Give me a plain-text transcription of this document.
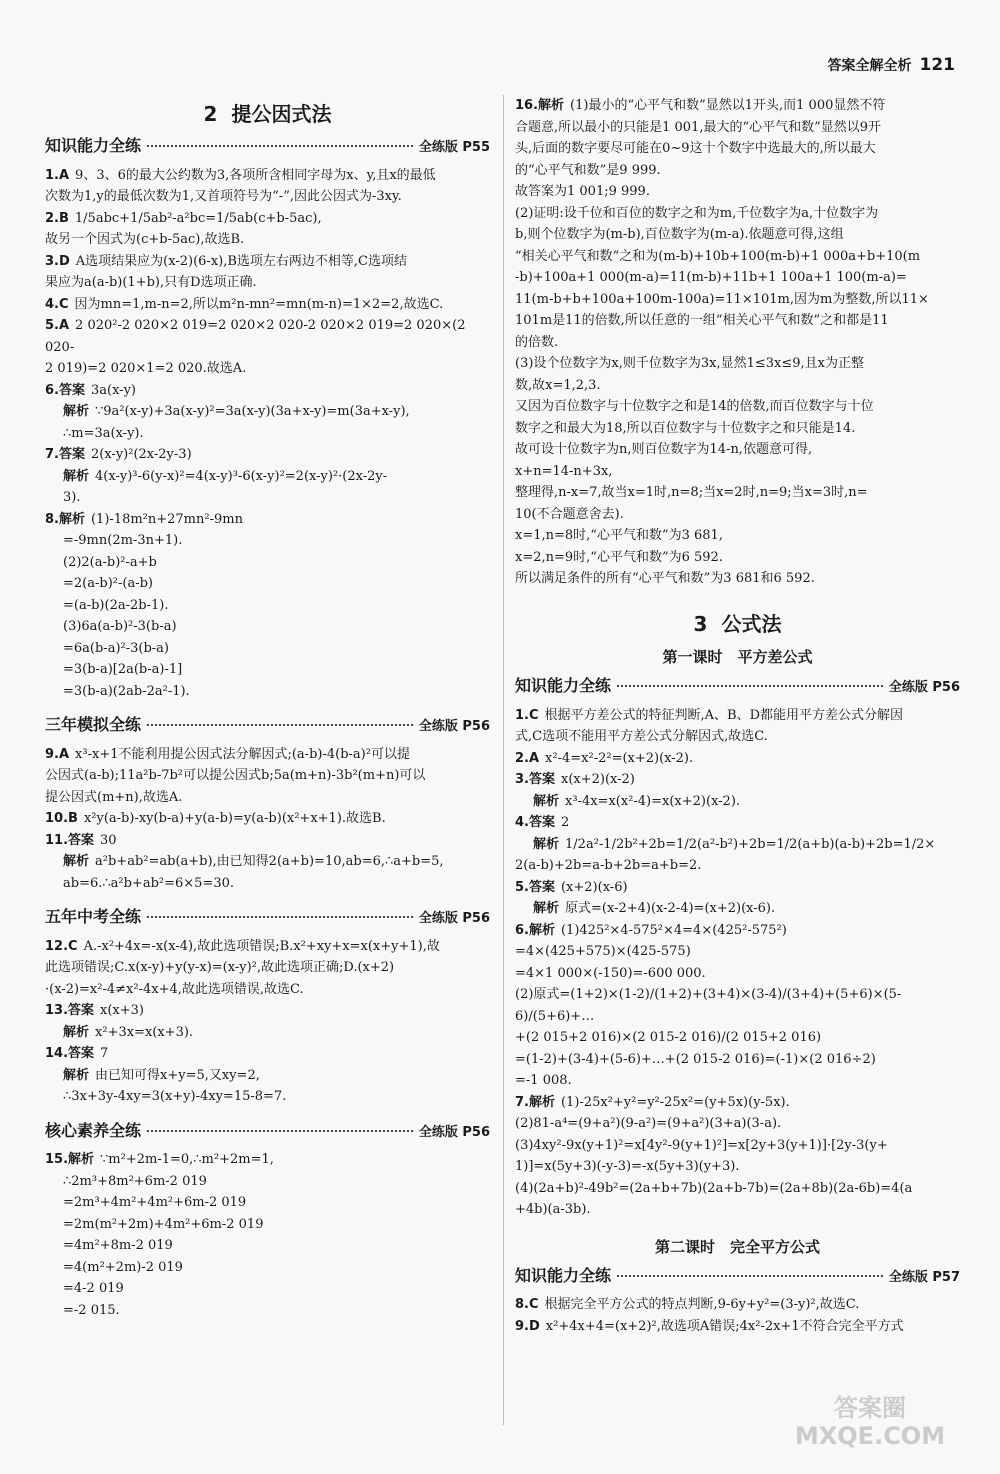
答案全解全析 121
2 提公因式法
知识能力全练	全练版 P55

1.A 9、3、6的最大公约数为3,各项所含相同字母为x、y,且x的最低

次数为1,y的最低次数为1,又首项符号为“-”,因此公因式为-3xy.

2.B 1/5abc+1/5ab²-a²bc=1/5ab(c+b-5ac),

故另一个因式为(c+b-5ac),故选B.

3.D A选项结果应为(x-2)(6-x),B选项左右两边不相等,C选项结

果应为a(a-b)(1+b),只有D选项正确.

4.C 因为mn=1,m-n=2,所以m²n-mn²=mn(m-n)=1×2=2,故选C.

5.A 2 020²-2 020×2 019=2 020×2 020-2 020×2 019=2 020×(2 020-

2 019)=2 020×1=2 020.故选A.

6.答案 3a(x-y)

解析 ∵9a²(x-y)+3a(x-y)²=3a(x-y)(3a+x-y)=m(3a+x-y),

∴m=3a(x-y).

7.答案 2(x-y)²(2x-2y-3)

解析 4(x-y)³-6(y-x)²=4(x-y)³-6(x-y)²=2(x-y)²·(2x-2y-

3).

8.解析 (1)-18m²n+27mn²-9mn

=-9mn(2m-3n+1).

(2)2(a-b)²-a+b

=2(a-b)²-(a-b)

=(a-b)(2a-2b-1).

(3)6a(a-b)²-3(b-a)

=6a(b-a)²-3(b-a)

=3(b-a)[2a(b-a)-1]

=3(b-a)(2ab-2a²-1).

三年模拟全练	全练版 P56

9.A x³-x+1不能利用提公因式法分解因式;(a-b)-4(b-a)²可以提

公因式(a-b);11a²b-7b²可以提公因式b;5a(m+n)-3b²(m+n)可以

提公因式(m+n),故选A.

10.B x²y(a-b)-xy(b-a)+y(a-b)=y(a-b)(x²+x+1).故选B.

11.答案 30

解析 a²b+ab²=ab(a+b),由已知得2(a+b)=10,ab=6,∴a+b=5,

ab=6.∴a²b+ab²=6×5=30.

五年中考全练	全练版 P56

12.C A.-x²+4x=-x(x-4),故此选项错误;B.x²+xy+x=x(x+y+1),故

此选项错误;C.x(x-y)+y(y-x)=(x-y)²,故此选项正确;D.(x+2)

·(x-2)=x²-4≠x²-4x+4,故此选项错误,故选C.

13.答案 x(x+3)

解析 x²+3x=x(x+3).

14.答案 7

解析 由已知可得x+y=5,又xy=2,

∴3x+3y-4xy=3(x+y)-4xy=15-8=7.

核心素养全练	全练版 P56

15.解析 ∵m²+2m-1=0,∴m²+2m=1,

∴2m³+8m²+6m-2 019

=2m³+4m²+4m²+6m-2 019

=2m(m²+2m)+4m²+6m-2 019

=4m²+8m-2 019

=4(m²+2m)-2 019

=4-2 019

=-2 015.

16.解析 (1)最小的“心平气和数”显然以1开头,而1 000显然不符

合题意,所以最小的只能是1 001,最大的“心平气和数”显然以9开

头,后面的数字要尽可能在0~9这十个数字中选最大的,所以最大

的“心平气和数”是9 999.

故答案为1 001;9 999.

(2)证明:设千位和百位的数字之和为m,千位数字为a,十位数字为

b,则个位数字为(m-b),百位数字为(m-a).依题意可得,这组

“相关心平气和数”之和为(m-b)+10b+100(m-b)+1 000a+b+10(m

-b)+100a+1 000(m-a)=11(m-b)+11b+1 100a+1 100(m-a)=

11(m-b+b+100a+100m-100a)=11×101m,因为m为整数,所以11×

101m是11的倍数,所以任意的一组“相关心平气和数”之和都是11

的倍数.

(3)设个位数字为x,则千位数字为3x,显然1≤3x≤9,且x为正整

数,故x=1,2,3.

又因为百位数字与十位数字之和是14的倍数,而百位数字与十位

数字之和最大为18,所以百位数字与十位数字之和只能是14.

故可设十位数字为n,则百位数字为14-n,依题意可得,

x+n=14-n+3x,

整理得,n-x=7,故当x=1时,n=8;当x=2时,n=9;当x=3时,n=

10(不合题意舍去).

x=1,n=8时,“心平气和数”为3 681,

x=2,n=9时,“心平气和数”为6 592.

所以满足条件的所有“心平气和数”为3 681和6 592.

3 公式法
第一课时　平方差公式
知识能力全练	全练版 P56

1.C 根据平方差公式的特征判断,A、B、D都能用平方差公式分解因

式,C选项不能用平方差公式分解因式,故选C.

2.A x²-4=x²-2²=(x+2)(x-2).

3.答案 x(x+2)(x-2)

解析 x³-4x=x(x²-4)=x(x+2)(x-2).

4.答案 2

解析 1/2a²-1/2b²+2b=1/2(a²-b²)+2b=1/2(a+b)(a-b)+2b=1/2×

2(a-b)+2b=a-b+2b=a+b=2.

5.答案 (x+2)(x-6)

解析 原式=(x-2+4)(x-2-4)=(x+2)(x-6).

6.解析 (1)425²×4-575²×4=4×(425²-575²)

=4×(425+575)×(425-575)

=4×1 000×(-150)=-600 000.

(2)原式=(1+2)×(1-2)/(1+2)+(3+4)×(3-4)/(3+4)+(5+6)×(5-6)/(5+6)+…

+(2 015+2 016)×(2 015-2 016)/(2 015+2 016)

=(1-2)+(3-4)+(5-6)+…+(2 015-2 016)=(-1)×(2 016÷2)

=-1 008.

7.解析 (1)-25x²+y²=y²-25x²=(y+5x)(y-5x).

(2)81-a⁴=(9+a²)(9-a²)=(9+a²)(3+a)(3-a).

(3)4xy²-9x(y+1)²=x[4y²-9(y+1)²]=x[2y+3(y+1)]·[2y-3(y+

1)]=x(5y+3)(-y-3)=-x(5y+3)(y+3).

(4)(2a+b)²-49b²=(2a+b+7b)(2a+b-7b)=(2a+8b)(2a-6b)=4(a

+4b)(a-3b).

第二课时　完全平方公式
知识能力全练	全练版 P57

8.C 根据完全平方公式的特点判断,9-6y+y²=(3-y)²,故选C.

9.D x²+4x+4=(x+2)²,故选项A错误;4x²-2x+1不符合完全平方式

答案圈 MXQE.COM
